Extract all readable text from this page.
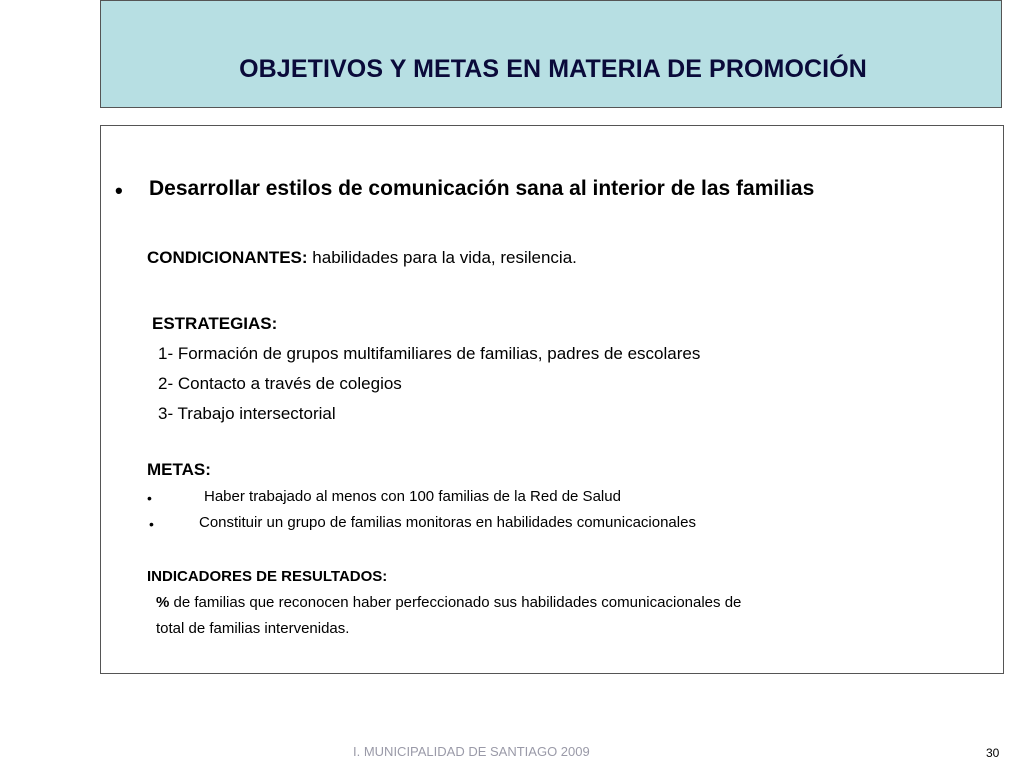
OBJETIVOS Y METAS EN MATERIA DE PROMOCIÓN
• Desarrollar estilos de comunicación sana al interior de las familias
CONDICIONANTES: habilidades para la vida, resilencia.
ESTRATEGIAS:
1- Formación de grupos multifamiliares de familias, padres de escolares
2- Contacto a través de colegios
3- Trabajo intersectorial
METAS:
•	Haber trabajado al menos con 100 familias de la Red de Salud
•	Constituir un grupo de familias monitoras en habilidades comunicacionales
INDICADORES DE RESULTADOS:
% de familias que reconocen haber perfeccionado sus habilidades comunicacionales de
total de familias intervenidas.
I. MUNICIPALIDAD DE SANTIAGO 2009	30
